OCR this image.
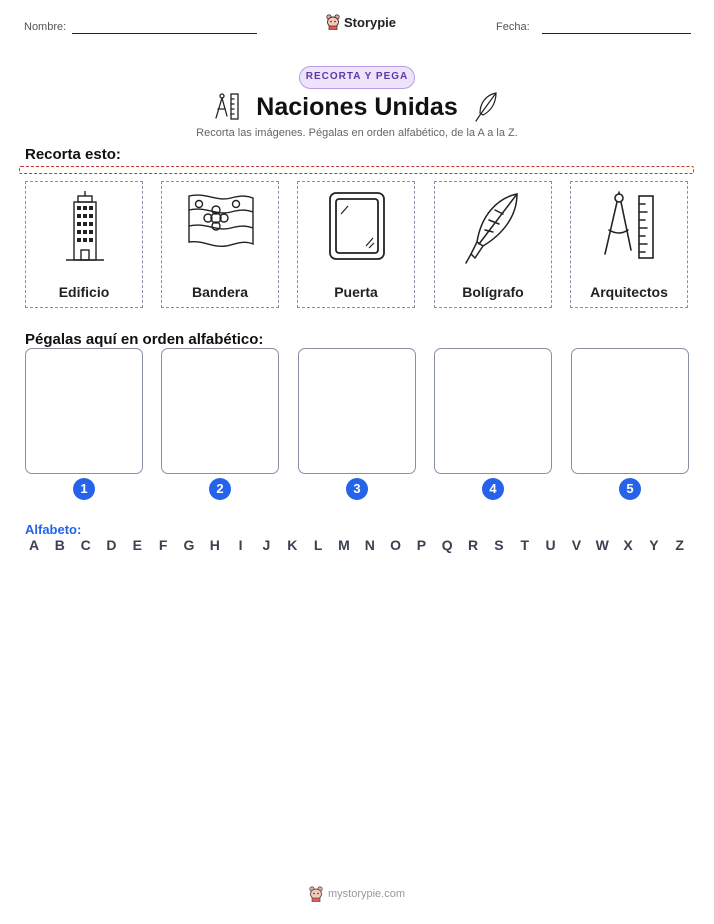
Nombre:	Storypie	Fecha:
RECORTA Y PEGA
Naciones Unidas
Recorta las imágenes. Pégalas en orden alfabético, de la A a la Z.
Recorta esto:
Edificio	Bandera	Puerta	Bolígrafo	Arquitectos
Pégalas aquí en orden alfabético:
1	2	3	4	5
Alfabeto:
A B C D	E	F	G H	I	J	K	L	M N O	P	Q R	S	T	U	V	W	X	Y	Z
mystorypie.com
